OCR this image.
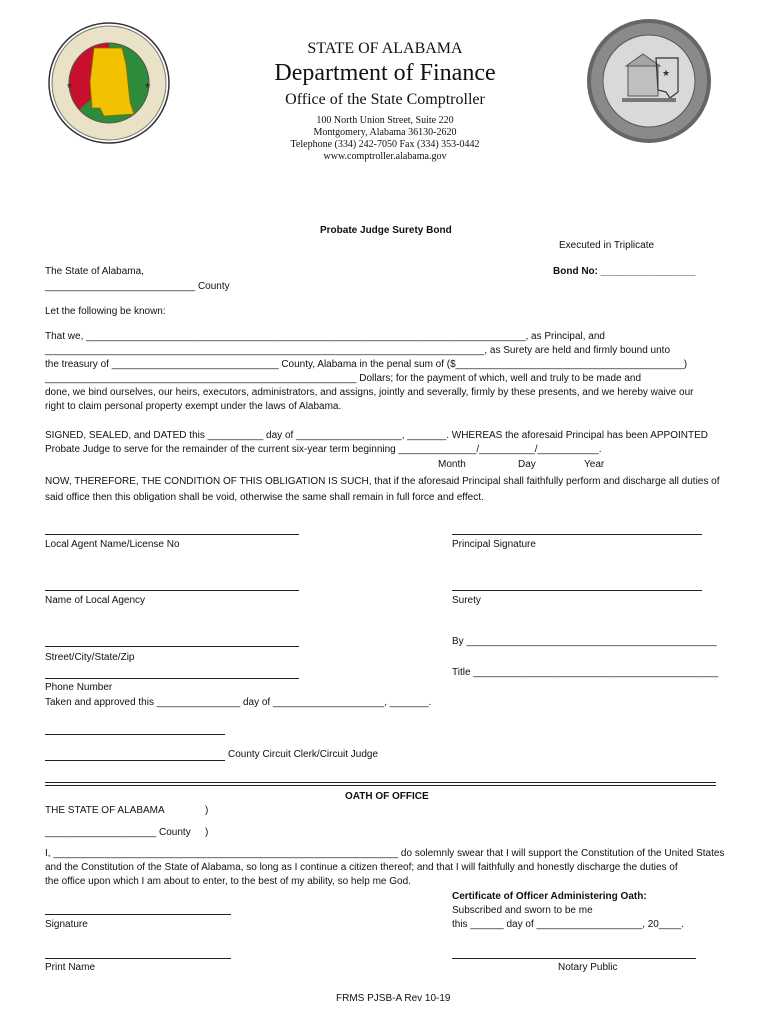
★	★
★
STATE OF ALABAMA
Department of Finance
Office of the State Comptroller
100 North Union Street, Suite 220
Montgomery, Alabama 36130-2620
Telephone (334) 242-7050 Fax (334) 353-0442
www.comptroller.alabama.gov
Probate Judge Surety Bond
Executed in Triplicate
The State of Alabama,	Bond No: _________________
___________________________ County
Let the following be known:
That we, _______________________________________________________________________________, as Principal, and
_______________________________________________________________________________, as Surety are held and firmly bound unto
the treasury of ______________________________ County, Alabama in the penal sum of ($_________________________________________)
________________________________________________________ Dollars; for the payment of which, well and truly to be made and
done, we bind ourselves, our heirs, executors, administrators, and assigns, jointly and severally, firmly by these presents, and we hereby waive our
right to claim personal property exempt under the laws of Alabama.
SIGNED, SEALED, and DATED this __________ day of ___________________, _______. WHEREAS the aforesaid Principal has been APPOINTED
Probate Judge to serve for the remainder of the current six-year term beginning ______________/__________/___________.
Month	Day	Year
NOW, THEREFORE, THE CONDITION OF THIS OBLIGATION IS SUCH, that if the aforesaid Principal shall faithfully perform and discharge all duties of
said office then this obligation shall be void, otherwise the same shall remain in full force and effect.
Local Agent Name/License No	Principal Signature
Name of Local Agency	Surety
By _____________________________________________
Street/City/State/Zip
Title ____________________________________________
Phone Number
Taken and approved this _______________ day of ____________________, _______.
County Circuit Clerk/Circuit Judge
OATH OF OFFICE
THE STATE OF ALABAMA	)
____________________ County )
I, ______________________________________________________________ do solemnly swear that I will support the Constitution of the United States
and the Constitution of the State of Alabama, so long as I continue a citizen thereof; and that I will faithfully and honestly discharge the duties of
the office upon which I am about to enter, to the best of my ability, so help me God.
Certificate of Officer Administering Oath:
Subscribed and sworn to be me
Signature	this ______ day of ___________________, 20____.
Print Name	Notary Public
FRMS PJSB-A Rev 10-19
